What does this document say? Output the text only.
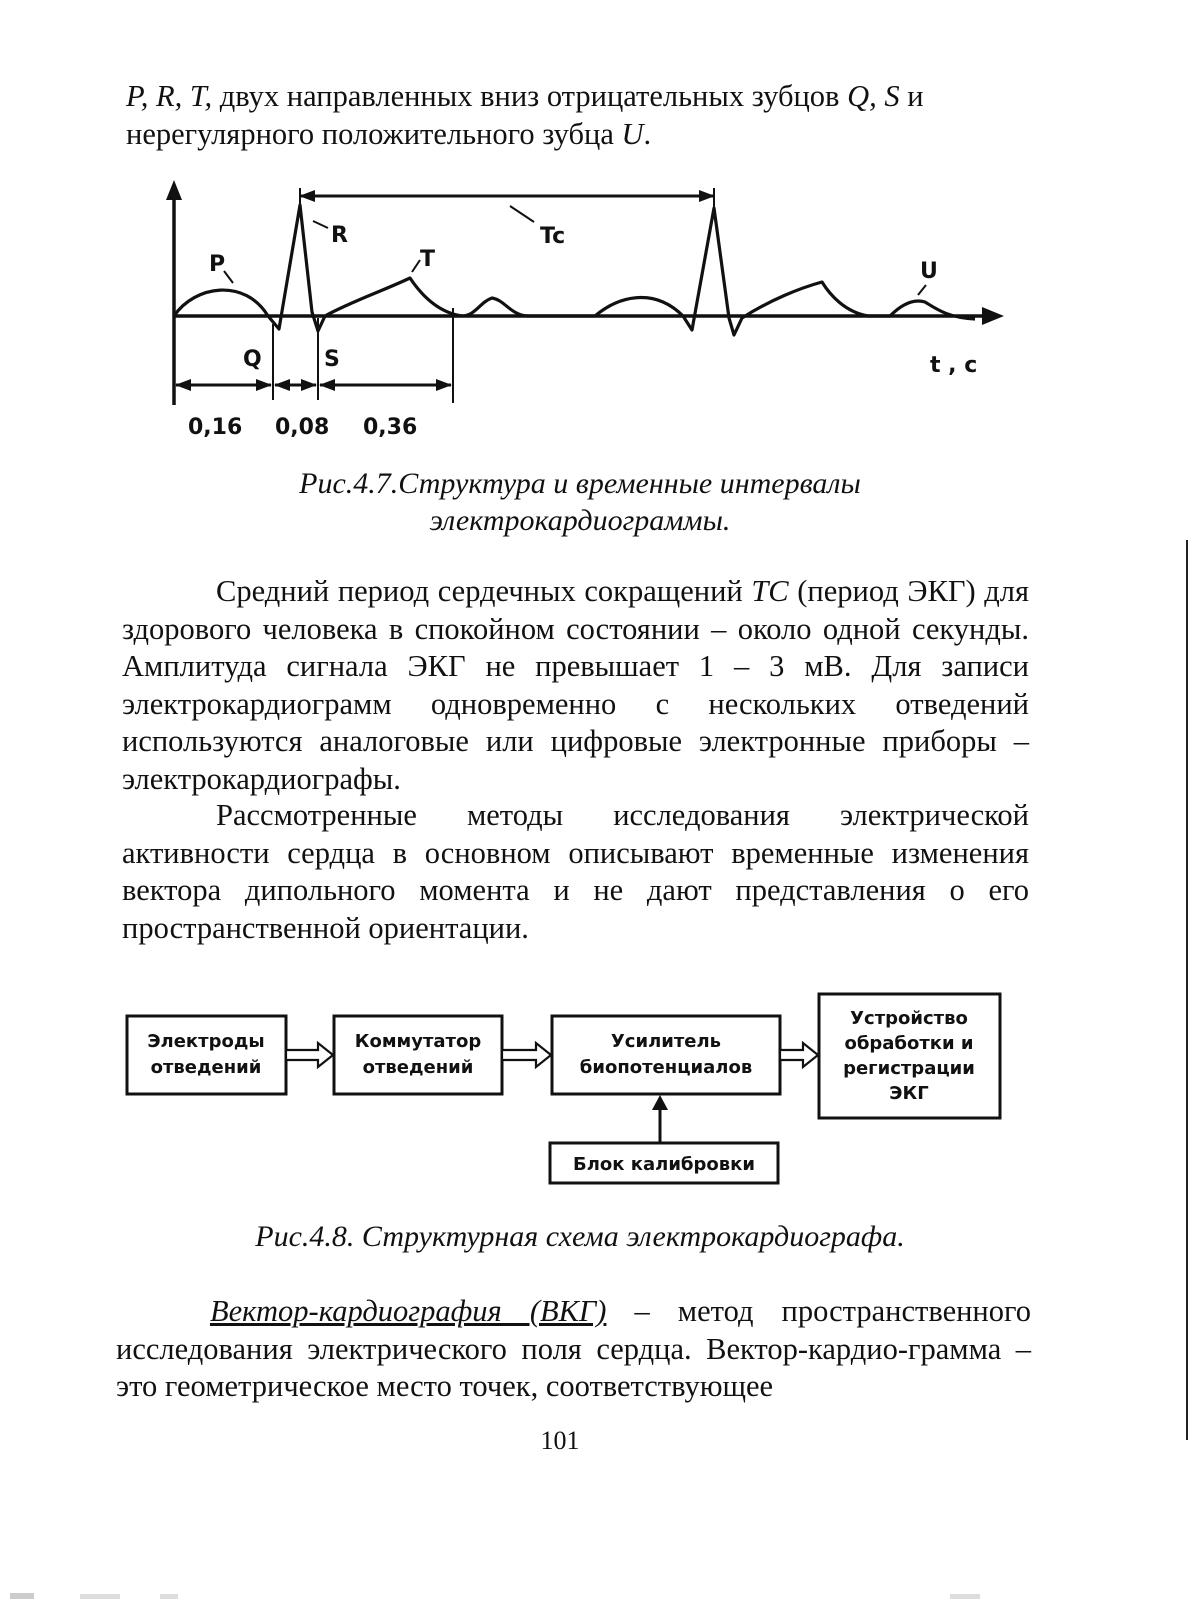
P, R, T, двух направленных вниз отрицательных зубцов Q, S и
нерегулярного положительного зубца U.
P
R
T
Tc
U
Q	S	t , c
0,16 0,08 0,36
Рис.4.7.Структура и временные интервалы
электрокардиограммы.
Средний период сердечных сокращений ТС (период ЭКГ) для здорового человека в спокойном состоянии – около одной секунды. Амплитуда сигнала ЭКГ не превышает 1 – 3 мВ. Для записи электрокардиограмм одновременно с нескольких отведений используются аналоговые или цифровые электронные приборы – электрокардиографы.
Рассмотренные методы исследования электрической активности сердца в основном описывают временные изменения вектора дипольного момента и не дают представления о его пространственной ориентации.
Электроды
отведений
Коммутатор
отведений
Усилитель
биопотенциалов
Устройство
обработки и
регистрации
ЭКГ
Блок калибровки
Рис.4.8. Структурная схема электрокардиографа.
Вектор-кардиография (ВКГ) – метод пространственного исследования электрического поля сердца. Вектор-кардио-грамма – это геометрическое место точек, соответствующее
101
